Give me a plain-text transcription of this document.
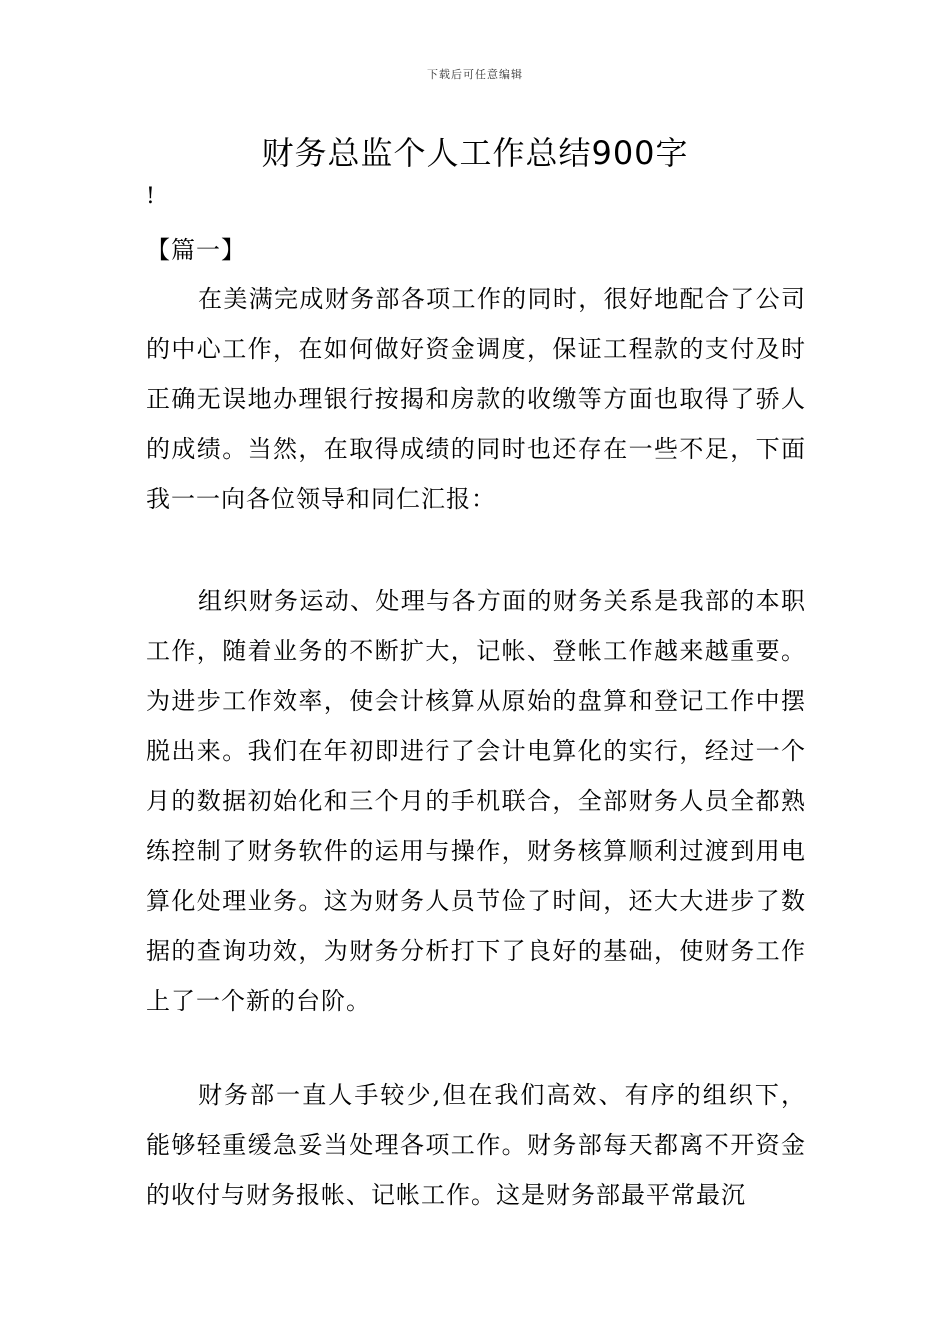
下载后可任意编辑
财务总监个人工作总结900字
!
【篇一】

在美满完成财务部各项工作的同时，很好地配合了公司的中心工作，在如何做好资金调度，保证工程款的支付及时正确无误地办理银行按揭和房款的收缴等方面也取得了骄人的成绩。当然，在取得成绩的同时也还存在一些不足，下面我一一向各位领导和同仁汇报：

组织财务运动、处理与各方面的财务关系是我部的本职工作，随着业务的不断扩大，记帐、登帐工作越来越重要。为进步工作效率，使会计核算从原始的盘算和登记工作中摆脱出来。我们在年初即进行了会计电算化的实行，经过一个月的数据初始化和三个月的手机联合，全部财务人员全都熟练控制了财务软件的运用与操作，财务核算顺利过渡到用电算化处理业务。这为财务人员节俭了时间，还大大进步了数据的查询功效，为财务分析打下了良好的基础，使财务工作上了一个新的台阶。

财务部一直人手较少,但在我们高效、有序的组织下，能够轻重缓急妥当处理各项工作。财务部每天都离不开资金的收付与财务报帐、记帐工作。这是财务部最平常最沉
